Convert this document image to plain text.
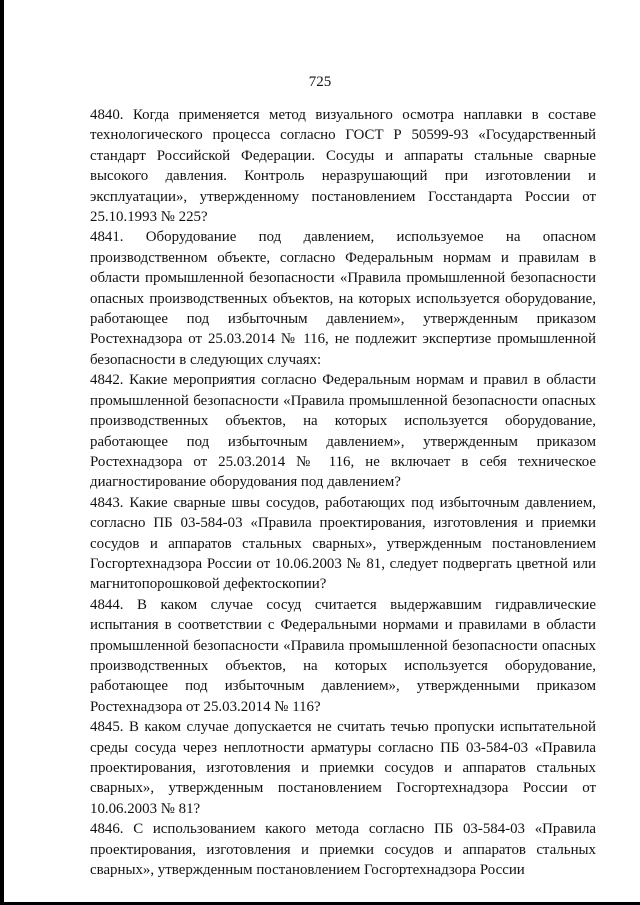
725

4840. Когда применяется метод визуального осмотра наплавки в составе технологического процесса согласно ГОСТ Р 50599-93 «Государственный стандарт Российской Федерации. Сосуды и аппараты стальные сварные высокого давления. Контроль неразрушающий при изготовлении и эксплуатации», утвержденному постановлением Госстандарта России от 25.10.1993 № 225?

4841. Оборудование под давлением, используемое на опасном производственном объекте, согласно Федеральным нормам и правилам в области промышленной безопасности «Правила промышленной безопасности опасных производственных объектов, на которых используется оборудование, работающее под избыточным давлением», утвержденным приказом Ростехнадзора от 25.03.2014 № 116, не подлежит экспертизе промышленной безопасности в следующих случаях:

4842. Какие мероприятия согласно Федеральным нормам и правил в области промышленной безопасности «Правила промышленной безопасности опасных производственных объектов, на которых используется оборудование, работающее под избыточным давлением», утвержденным приказом Ростехнадзора от 25.03.2014 № 116, не включает в себя техническое диагностирование оборудования под давлением?

4843. Какие сварные швы сосудов, работающих под избыточным давлением, согласно ПБ 03-584-03 «Правила проектирования, изготовления и приемки сосудов и аппаратов стальных сварных», утвержденным постановлением Госгортехнадзора России от 10.06.2003 № 81, следует подвергать цветной или магнитопорошковой дефектоскопии?

4844. В каком случае сосуд считается выдержавшим гидравлические испытания в соответствии с Федеральными нормами и правилами в области промышленной безопасности «Правила промышленной безопасности опасных производственных объектов, на которых используется оборудование, работающее под избыточным давлением», утвержденными приказом Ростехнадзора от 25.03.2014 № 116?

4845. В каком случае допускается не считать течью пропуски испытательной среды сосуда через неплотности арматуры согласно ПБ 03-584-03 «Правила проектирования, изготовления и приемки сосудов и аппаратов стальных сварных», утвержденным постановлением Госгортехнадзора России от 10.06.2003 № 81?

4846. С использованием какого метода согласно ПБ 03-584-03 «Правила проектирования, изготовления и приемки сосудов и аппаратов стальных сварных», утвержденным постановлением Госгортехнадзора России
